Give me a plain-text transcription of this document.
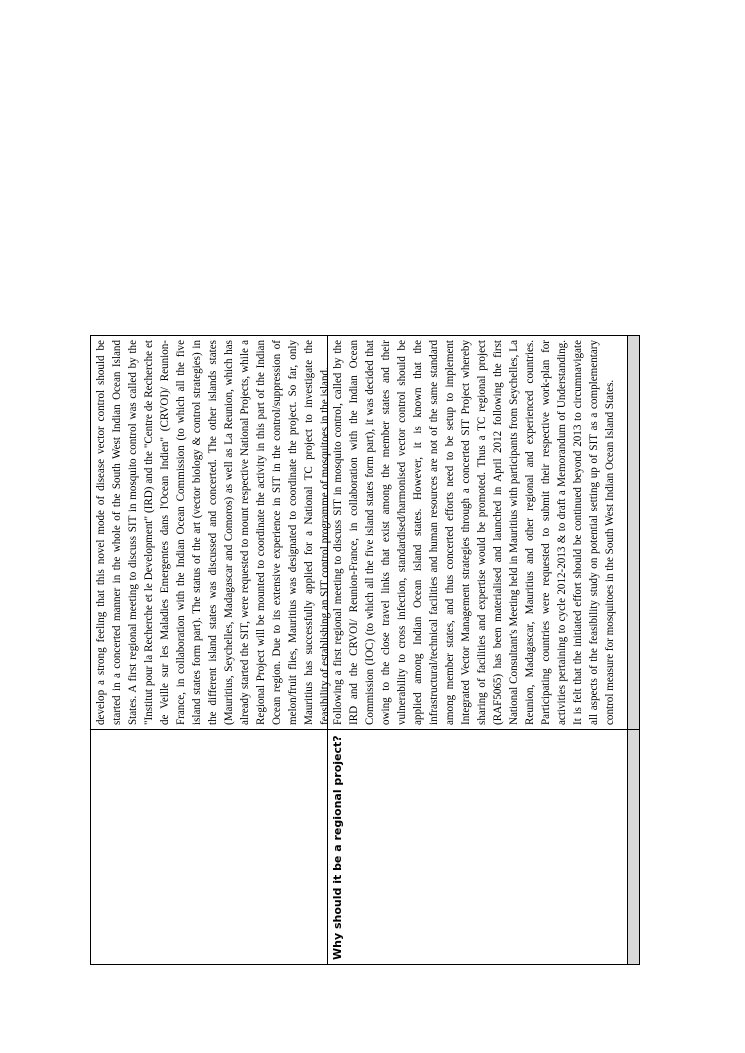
develop a strong feeling that this novel mode of disease vector control should be started in a concerted manner in the whole of the South West Indian Ocean Island States. A first regional meeting to discuss SIT in mosquito control was called by the "Institut pour la Recherche et le Development" (IRD) and the "Centre de Recherche et de Veille sur les Maladies Emergentes dans l'Ocean Indien" (CRVOI)/ Reunion-France, in collaboration with the Indian Ocean Commission (to which all the five island states form part). The status of the art (vector biology & control strategies) in the different island states was discussed and concerted. The other islands states (Mauritius, Seychelles, Madagascar and Comoros) as well as La Reunion, which has already started the SIT, were requested to mount respective National Projects, while a Regional Project will be mounted to coordinate the activity in this part of the Indian Ocean region. Due to its extensive experience in SIT in the control/suppression of melon/fruit flies, Mauritius was designated to coordinate the project. So far, only Mauritius has successfully applied for a National TC project to investigate the feasibility of establishing an SIT control programme of mosquitoes in the island.
Why should it be a regional project?
Following a first regional meeting to discuss SIT in mosquito control, called by the IRD and the CRVOI/ Reunion-France, in collaboration with the Indian Ocean Commission (IOC) (to which all the five island states form part), it was decided that owing to the close travel links that exist among the member states and their vulnerability to cross infection, standardised/harmonised vector control should be applied among Indian Ocean island states. However, it is known that the infrastructural/technical facilities and human resources are not of the same standard among member states, and thus concerted efforts need to be setup to implement Integrated Vector Management strategies through a concerted SIT Project whereby sharing of facilities and expertise would be promoted. Thus a TC regional project (RAF5065) has been materialised and launched in April 2012 following the first National Consultant's Meeting held in Mauritius with participants from Seychelles, La Reunion, Madagascar, Mauritius and other regional and experienced countries. Participating countries were requested to submit their respective work-plan for activities pertaining to cycle 2012-2013 & to draft a Memorandum of Understanding. It is felt that the initiated effort should be continued beyond 2013 to circumnavigate all aspects of the feasibility study on potential setting up of SIT as a complementary control measure for mosquitoes in the South West Indian Ocean Island States.
